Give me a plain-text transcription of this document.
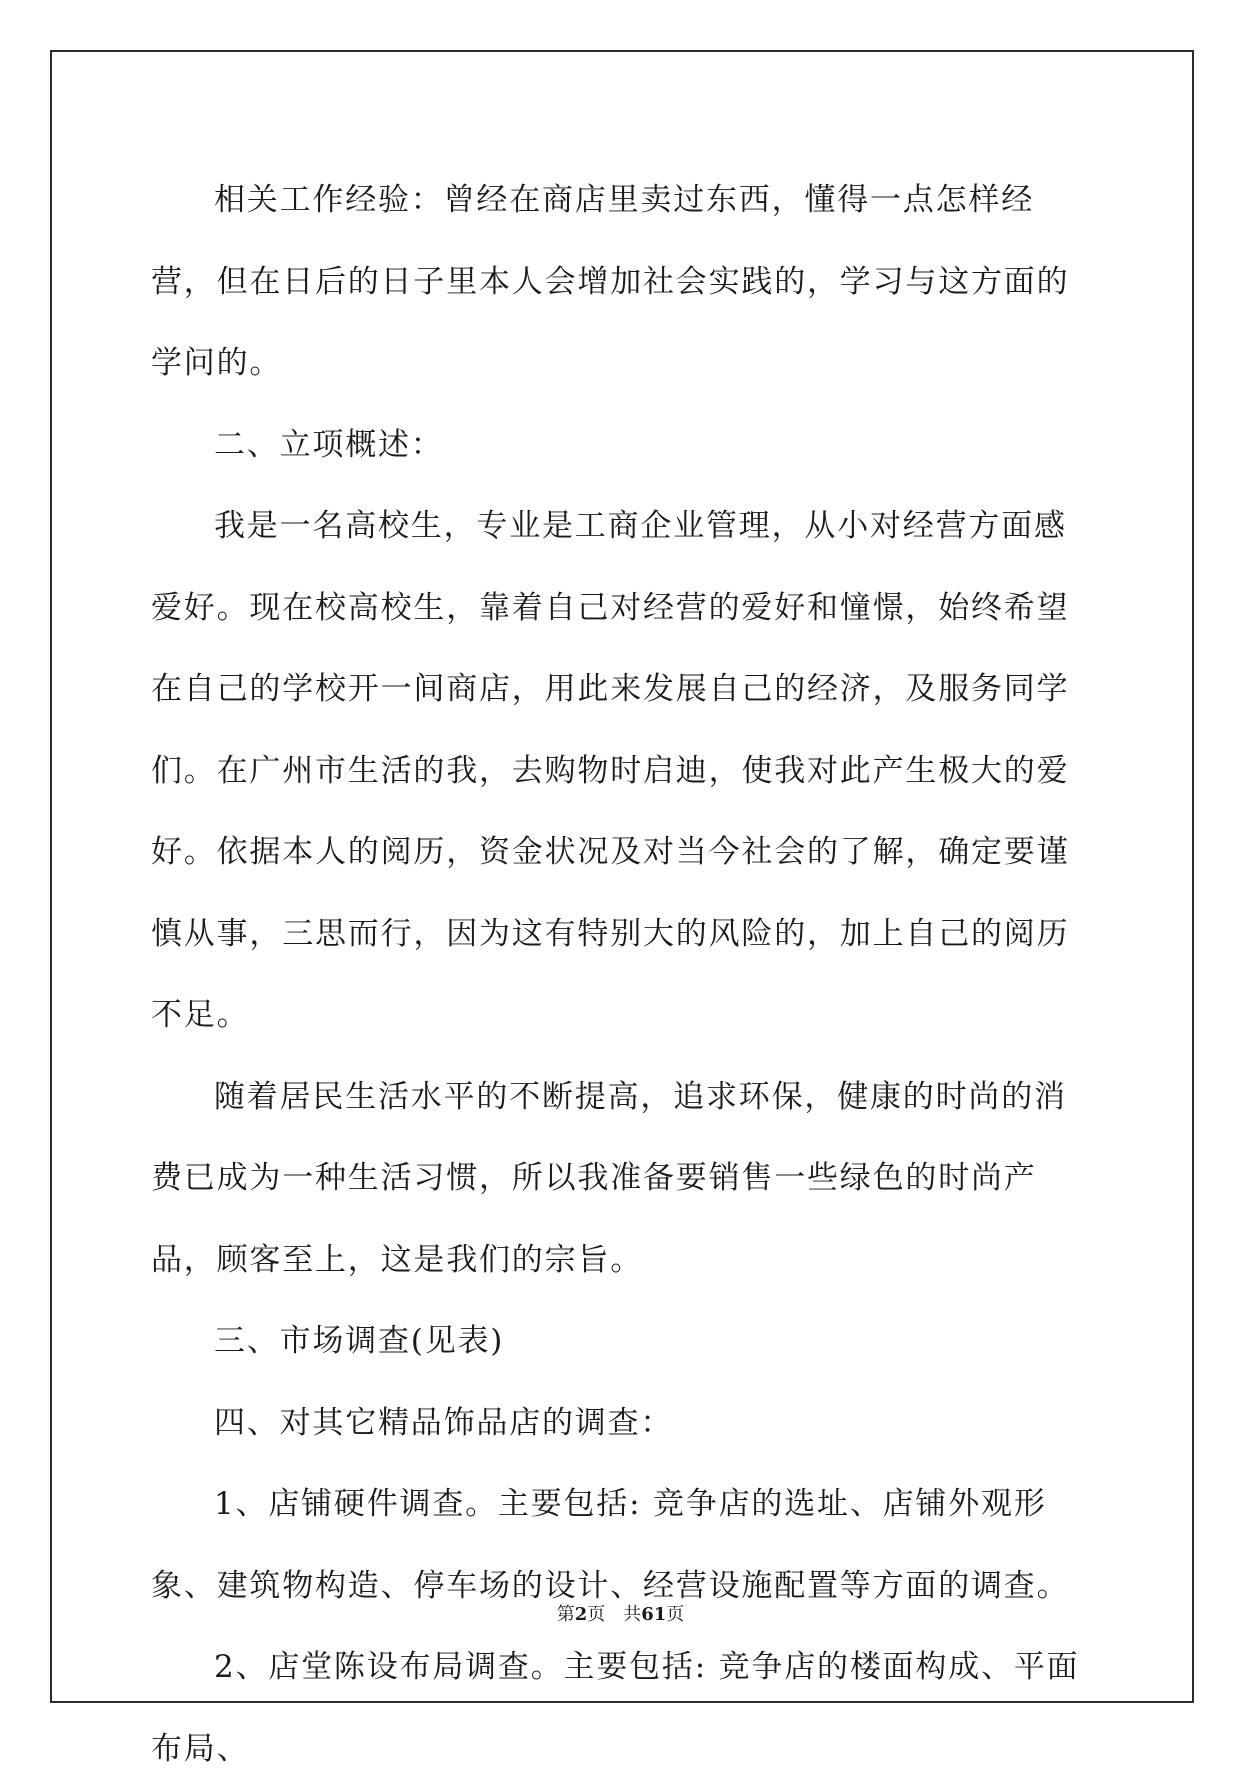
相关工作经验：曾经在商店里卖过东西，懂得一点怎样经营，但在日后的日子里本人会增加社会实践的，学习与这方面的学问的。

二、立项概述：

我是一名高校生，专业是工商企业管理，从小对经营方面感爱好。现在校高校生，靠着自己对经营的爱好和憧憬，始终希望在自己的学校开一间商店，用此来发展自己的经济，及服务同学们。在广州市生活的我，去购物时启迪，使我对此产生极大的爱好。依据本人的阅历，资金状况及对当今社会的了解，确定要谨慎从事，三思而行，因为这有特别大的风险的，加上自己的阅历不足。

随着居民生活水平的不断提高，追求环保，健康的时尚的消费已成为一种生活习惯，所以我准备要销售一些绿色的时尚产品，顾客至上，这是我们的宗旨。

三、市场调查(见表)

四、对其它精品饰品店的调查：

1、店铺硬件调查。主要包括: 竞争店的选址、店铺外观形象、建筑物构造、停车场的设计、经营设施配置等方面的调查。

2、店堂陈设布局调查。主要包括: 竞争店的楼面构成、平面布局、

第2页 共61页
